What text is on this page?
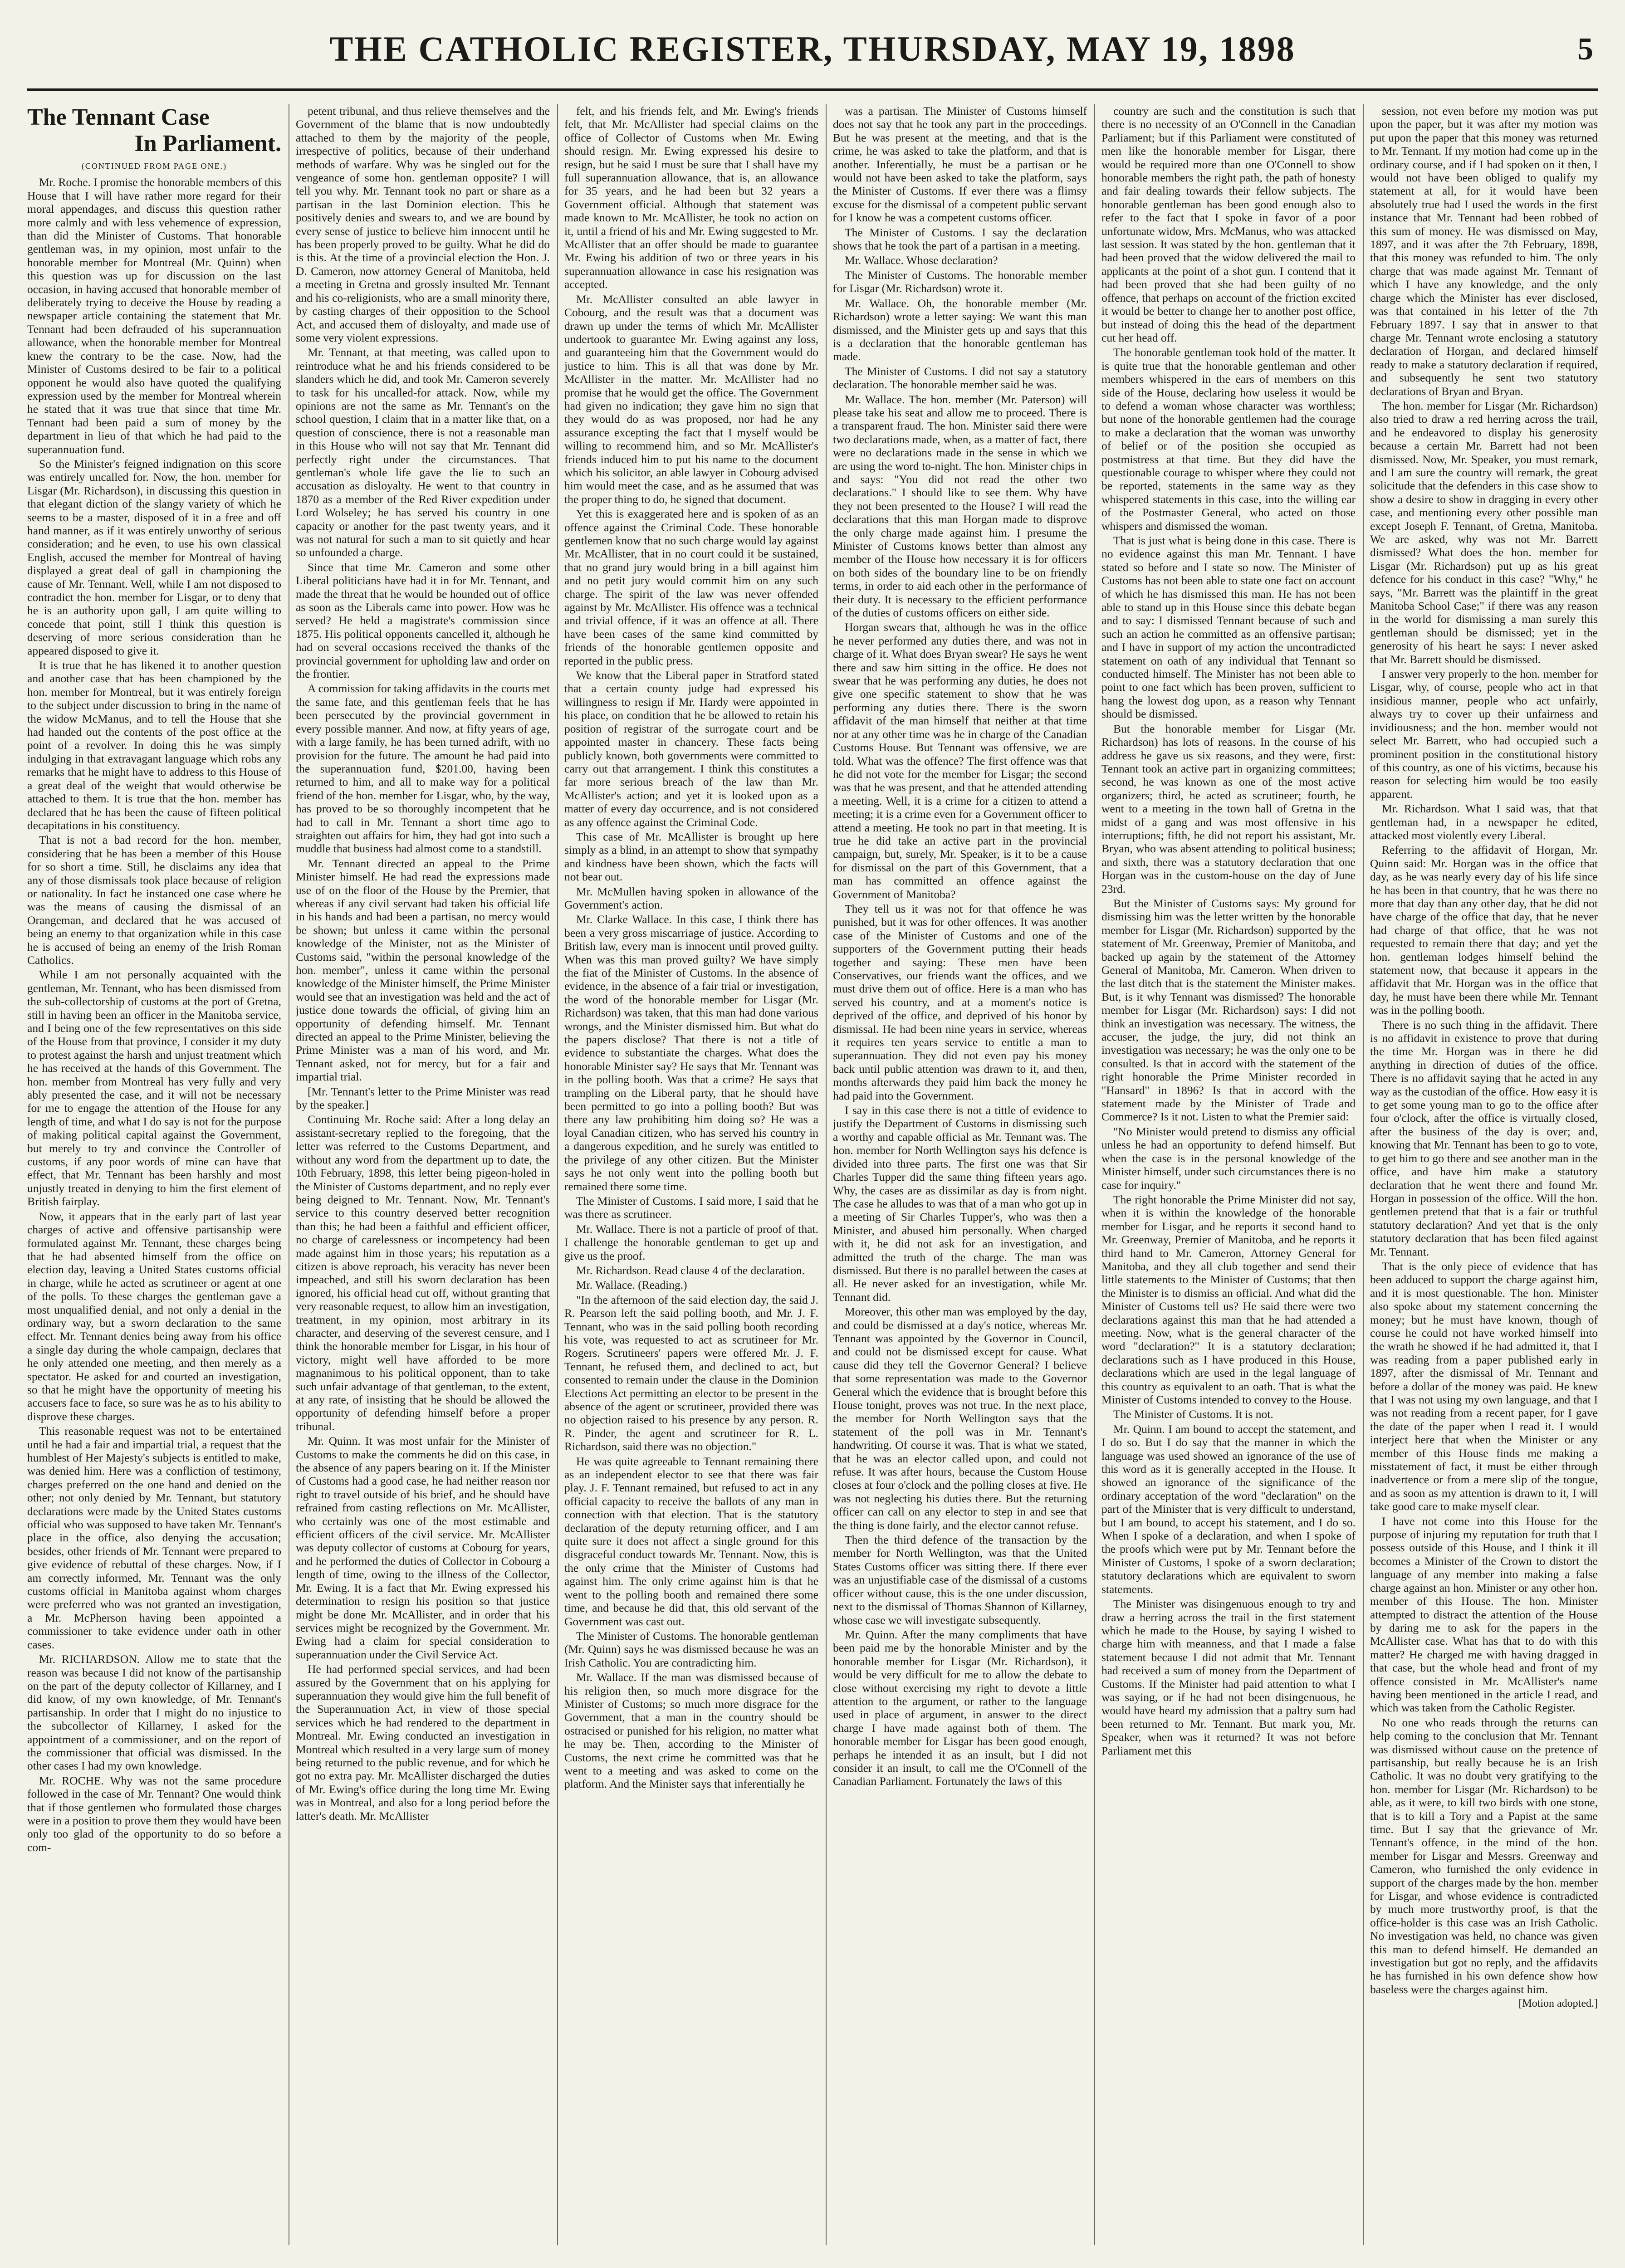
THE CATHOLIC REGISTER, THURSDAY, MAY 19, 1898	5
The Tennant Case
In Parliament.
(CONTINUED FROM PAGE ONE.)

Mr. Roche. I promise the honorable members of this House that I will have rather more regard for their moral appendages, and discuss this question rather more calmly and with less vehemence of expression, than did the Minister of Customs. That honorable gentleman was, in my opinion, most unfair to the honorable member for Montreal (Mr. Quinn) when this question was up for discussion on the last occasion, in having accused that honorable member of deliberately trying to deceive the House by reading a newspaper article containing the statement that Mr. Tennant had been defrauded of his superannuation allowance, when the honorable member for Montreal knew the contrary to be the case. Now, had the Minister of Customs desired to be fair to a political opponent he would also have quoted the qualifying expression used by the member for Montreal wherein he stated that it was true that since that time Mr. Tennant had been paid a sum of money by the department in lieu of that which he had paid to the superannuation fund.

So the Minister's feigned indignation on this score was entirely uncalled for. Now, the hon. member for Lisgar (Mr. Richardson), in discussing this question in that elegant diction of the slangy variety of which he seems to be a master, disposed of it in a free and off hand manner, as if it was entirely unworthy of serious consideration; and he even, to use his own classical English, accused the member for Montreal of having displayed a great deal of gall in championing the cause of Mr. Tennant. Well, while I am not disposed to contradict the hon. member for Lisgar, or to deny that he is an authority upon gall, I am quite willing to concede that point, still I think this question is deserving of more serious consideration than he appeared disposed to give it.

It is true that he has likened it to another question and another case that has been championed by the hon. member for Montreal, but it was entirely foreign to the subject under discussion to bring in the name of the widow McManus, and to tell the House that she had handed out the contents of the post office at the point of a revolver. In doing this he was simply indulging in that extravagant language which robs any remarks that he might have to address to this House of a great deal of the weight that would otherwise be attached to them. It is true that the hon. member has declared that he has been the cause of fifteen political decapitations in his constituency.

That is not a bad record for the hon. member, considering that he has been a member of this House for so short a time. Still, he disclaims any idea that any of those dismissals took place because of religion or nationality. In fact he instanced one case where he was the means of causing the dismissal of an Orangeman, and declared that he was accused of being an enemy to that organization while in this case he is accused of being an enemy of the Irish Roman Catholics.

While I am not personally acquainted with the gentleman, Mr. Tennant, who has been dismissed from the sub-collectorship of customs at the port of Gretna, still in having been an officer in the Manitoba service, and I being one of the few representatives on this side of the House from that province, I consider it my duty to protest against the harsh and unjust treatment which he has received at the hands of this Government. The hon. member from Montreal has very fully and very ably presented the case, and it will not be necessary for me to engage the attention of the House for any length of time, and what I do say is not for the purpose of making political capital against the Government, but merely to try and convince the Controller of customs, if any poor words of mine can have that effect, that Mr. Tennant has been harshly and most unjustly treated in denying to him the first element of British fairplay.

Now, it appears that in the early part of last year charges of active and offensive partisanship were formulated against Mr. Tennant, these charges being that he had absented himself from the office on election day, leaving a United States customs official in charge, while he acted as scrutineer or agent at one of the polls. To these charges the gentleman gave a most unqualified denial, and not only a denial in the ordinary way, but a sworn declaration to the same effect. Mr. Tennant denies being away from his office a single day during the whole campaign, declares that he only attended one meeting, and then merely as a spectator. He asked for and courted an investigation, so that he might have the opportunity of meeting his accusers face to face, so sure was he as to his ability to disprove these charges.

This reasonable request was not to be entertained until he had a fair and impartial trial, a request that the humblest of Her Majesty's subjects is entitled to make, was denied him. Here was a confliction of testimony, charges preferred on the one hand and denied on the other; not only denied by Mr. Tennant, but statutory declarations were made by the United States customs official who was supposed to have taken Mr. Tennant's place in the office, also denying the accusation; besides, other friends of Mr. Tennant were prepared to give evidence of rebuttal of these charges. Now, if I am correctly informed, Mr. Tennant was the only customs official in Manitoba against whom charges were preferred who was not granted an investigation, a Mr. McPherson having been appointed a commissioner to take evidence under oath in other cases.

Mr. RICHARDSON. Allow me to state that the reason was because I did not know of the partisanship on the part of the deputy collector of Killarney, and I did know, of my own knowledge, of Mr. Tennant's partisanship. In order that I might do no injustice to the subcollector of Killarney, I asked for the appointment of a commissioner, and on the report of the commissioner that official was dismissed. In the other cases I had my own knowledge.

Mr. ROCHE. Why was not the same procedure followed in the case of Mr. Tennant? One would think that if those gentlemen who formulated those charges were in a position to prove them they would have been only too glad of the opportunity to do so before a com-

petent tribunal, and thus relieve themselves and the Government of the blame that is now undoubtedly attached to them by the majority of the people, irrespective of politics, because of their underhand methods of warfare. Why was he singled out for the vengeance of some hon. gentleman opposite? I will tell you why. Mr. Tennant took no part or share as a partisan in the last Dominion election. This he positively denies and swears to, and we are bound by every sense of justice to believe him innocent until he has been properly proved to be guilty. What he did do is this. At the time of a provincial election the Hon. J. D. Cameron, now attorney General of Manitoba, held a meeting in Gretna and grossly insulted Mr. Tennant and his co-religionists, who are a small minority there, by casting charges of their opposition to the School Act, and accused them of disloyalty, and made use of some very violent expressions.

Mr. Tennant, at that meeting, was called upon to reintroduce what he and his friends considered to be slanders which he did, and took Mr. Cameron severely to task for his uncalled-for attack. Now, while my opinions are not the same as Mr. Tennant's on the school question, I claim that in a matter like that, on a question of conscience, there is not a reasonable man in this House who will not say that Mr. Tennant did perfectly right under the circumstances. That gentleman's whole life gave the lie to such an accusation as disloyalty. He went to that country in 1870 as a member of the Red River expedition under Lord Wolseley; he has served his country in one capacity or another for the past twenty years, and it was not natural for such a man to sit quietly and hear so unfounded a charge.

Since that time Mr. Cameron and some other Liberal politicians have had it in for Mr. Tennant, and made the threat that he would be hounded out of office as soon as the Liberals came into power. How was he served? He held a magistrate's commission since 1875. His political opponents cancelled it, although he had on several occasions received the thanks of the provincial government for upholding law and order on the frontier.

A commission for taking affidavits in the courts met the same fate, and this gentleman feels that he has been persecuted by the provincial government in every possible manner. And now, at fifty years of age, with a large family, he has been turned adrift, with no provision for the future. The amount he had paid into the superannuation fund, $201.00, having been returned to him, and all to make way for a political friend of the hon. member for Lisgar, who, by the way, has proved to be so thoroughly incompetent that he had to call in Mr. Tennant a short time ago to straighten out affairs for him, they had got into such a muddle that business had almost come to a standstill.

Mr. Tennant directed an appeal to the Prime Minister himself. He had read the expressions made use of on the floor of the House by the Premier, that whereas if any civil servant had taken his official life in his hands and had been a partisan, no mercy would be shown; but unless it came within the personal knowledge of the Minister, not as the Minister of Customs said, "within the personal knowledge of the hon. member", unless it came within the personal knowledge of the Minister himself, the Prime Minister would see that an investigation was held and the act of justice done towards the official, of giving him an opportunity of defending himself. Mr. Tennant directed an appeal to the Prime Minister, believing the Prime Minister was a man of his word, and Mr. Tennant asked, not for mercy, but for a fair and impartial trial.

[Mr. Tennant's letter to the Prime Minister was read by the speaker.]

Continuing Mr. Roche said: After a long delay an assistant-secretary replied to the foregoing, that the letter was referred to the Customs Department, and without any word from the department up to date, the 10th February, 1898, this letter being pigeon-holed in the Minister of Customs department, and no reply ever being deigned to Mr. Tennant. Now, Mr. Tennant's service to this country deserved better recognition than this; he had been a faithful and efficient officer, no charge of carelessness or incompetency had been made against him in those years; his reputation as a citizen is above reproach, his veracity has never been impeached, and still his sworn declaration has been ignored, his official head cut off, without granting that very reasonable request, to allow him an investigation, treatment, in my opinion, most arbitrary in its character, and deserving of the severest censure, and I think the honorable member for Lisgar, in his hour of victory, might well have afforded to be more magnanimous to his political opponent, than to take such unfair advantage of that gentleman, to the extent, at any rate, of insisting that he should be allowed the opportunity of defending himself before a proper tribunal.

Mr. Quinn. It was most unfair for the Minister of Customs to make the comments he did on this case, in the absence of any papers bearing on it. If the Minister of Customs had a good case, he had neither reason nor right to travel outside of his brief, and he should have refrained from casting reflections on Mr. McAllister, who certainly was one of the most estimable and efficient officers of the civil service. Mr. McAllister was deputy collector of customs at Cobourg for years, and he performed the duties of Collector in Cobourg a length of time, owing to the illness of the Collector, Mr. Ewing. It is a fact that Mr. Ewing expressed his determination to resign his position so that justice might be done Mr. McAllister, and in order that his services might be recognized by the Government. Mr. Ewing had a claim for special consideration to superannuation under the Civil Service Act.

He had performed special services, and had been assured by the Government that on his applying for superannuation they would give him the full benefit of the Superannuation Act, in view of those special services which he had rendered to the department in Montreal. Mr. Ewing conducted an investigation in Montreal which resulted in a very large sum of money being returned to the public revenue, and for which he got no extra pay. Mr. McAllister discharged the duties of Mr. Ewing's office during the long time Mr. Ewing was in Montreal, and also for a long period before the latter's death. Mr. McAllister

felt, and his friends felt, and Mr. Ewing's friends felt, that Mr. McAllister had special claims on the office of Collector of Customs when Mr. Ewing should resign. Mr. Ewing expressed his desire to resign, but he said I must be sure that I shall have my full superannuation allowance, that is, an allowance for 35 years, and he had been but 32 years a Government official. Although that statement was made known to Mr. McAllister, he took no action on it, until a friend of his and Mr. Ewing suggested to Mr. McAllister that an offer should be made to guarantee Mr. Ewing his addition of two or three years in his superannuation allowance in case his resignation was accepted.

Mr. McAllister consulted an able lawyer in Cobourg, and the result was that a document was drawn up under the terms of which Mr. McAllister undertook to guarantee Mr. Ewing against any loss, and guaranteeing him that the Government would do justice to him. This is all that was done by Mr. McAllister in the matter. Mr. McAllister had no promise that he would get the office. The Government had given no indication; they gave him no sign that they would do as was proposed, nor had he any assurance excepting the fact that I myself would be willing to recommend him, and so Mr. McAllister's friends induced him to put his name to the document which his solicitor, an able lawyer in Cobourg advised him would meet the case, and as he assumed that was the proper thing to do, he signed that document.

Yet this is exaggerated here and is spoken of as an offence against the Criminal Code. These honorable gentlemen know that no such charge would lay against Mr. McAllister, that in no court could it be sustained, that no grand jury would bring in a bill against him and no petit jury would commit him on any such charge. The spirit of the law was never offended against by Mr. McAllister. His offence was a technical and trivial offence, if it was an offence at all. There have been cases of the same kind committed by friends of the honorable gentlemen opposite and reported in the public press.

We know that the Liberal paper in Stratford stated that a certain county judge had expressed his willingness to resign if Mr. Hardy were appointed in his place, on condition that he be allowed to retain his position of registrar of the surrogate court and be appointed master in chancery. These facts being publicly known, both governments were committed to carry out that arrangement. I think this constitutes a far more serious breach of the law than Mr. McAllister's action; and yet it is looked upon as a matter of every day occurrence, and is not considered as any offence against the Criminal Code.

This case of Mr. McAllister is brought up here simply as a blind, in an attempt to show that sympathy and kindness have been shown, which the facts will not bear out.

Mr. McMullen having spoken in allowance of the Government's action.

Mr. Clarke Wallace. In this case, I think there has been a very gross miscarriage of justice. According to British law, every man is innocent until proved guilty. When was this man proved guilty? We have simply the fiat of the Minister of Customs. In the absence of evidence, in the absence of a fair trial or investigation, the word of the honorable member for Lisgar (Mr. Richardson) was taken, that this man had done various wrongs, and the Minister dismissed him. But what do the papers disclose? That there is not a title of evidence to substantiate the charges. What does the honorable Minister say? He says that Mr. Tennant was in the polling booth. Was that a crime? He says that trampling on the Liberal party, that he should have been permitted to go into a polling booth? But was there any law prohibiting him doing so? He was a loyal Canadian citizen, who has served his country in a dangerous expedition, and he surely was entitled to the privilege of any other citizen. But the Minister says he not only went into the polling booth but remained there some time.

The Minister of Customs. I said more, I said that he was there as scrutineer.

Mr. Wallace. There is not a particle of proof of that. I challenge the honorable gentleman to get up and give us the proof.

Mr. Richardson. Read clause 4 of the declaration.

Mr. Wallace. (Reading.)

"In the afternoon of the said election day, the said J. R. Pearson left the said polling booth, and Mr. J. F. Tennant, who was in the said polling booth recording his vote, was requested to act as scrutineer for Mr. Rogers. Scrutineers' papers were offered Mr. J. F. Tennant, he refused them, and declined to act, but consented to remain under the clause in the Dominion Elections Act permitting an elector to be present in the absence of the agent or scrutineer, provided there was no objection raised to his presence by any person. R. R. Pinder, the agent and scrutineer for R. L. Richardson, said there was no objection."

He was quite agreeable to Tennant remaining there as an independent elector to see that there was fair play. J. F. Tennant remained, but refused to act in any official capacity to receive the ballots of any man in connection with that election. That is the statutory declaration of the deputy returning officer, and I am quite sure it does not affect a single ground for this disgraceful conduct towards Mr. Tennant. Now, this is the only crime that the Minister of Customs had against him. The only crime against him is that he went to the polling booth and remained there some time, and because he did that, this old servant of the Government was cast out.

The Minister of Customs. The honorable gentleman (Mr. Quinn) says he was dismissed because he was an Irish Catholic. You are contradicting him.

Mr. Wallace. If the man was dismissed because of his religion then, so much more disgrace for the Minister of Customs; so much more disgrace for the Government, that a man in the country should be ostracised or punished for his religion, no matter what he may be. Then, according to the Minister of Customs, the next crime he committed was that he went to a meeting and was asked to come on the platform. And the Minister says that inferentially he

was a partisan. The Minister of Customs himself does not say that he took any part in the proceedings. But he was present at the meeting, and that is the crime, he was asked to take the platform, and that is another. Inferentially, he must be a partisan or he would not have been asked to take the platform, says the Minister of Customs. If ever there was a flimsy excuse for the dismissal of a competent public servant for I know he was a competent customs officer.

The Minister of Customs. I say the declaration shows that he took the part of a partisan in a meeting.

Mr. Wallace. Whose declaration?

The Minister of Customs. The honorable member for Lisgar (Mr. Richardson) wrote it.

Mr. Wallace. Oh, the honorable member (Mr. Richardson) wrote a letter saying: We want this man dismissed, and the Minister gets up and says that this is a declaration that the honorable gentleman has made.

The Minister of Customs. I did not say a statutory declaration. The honorable member said he was.

Mr. Wallace. The hon. member (Mr. Paterson) will please take his seat and allow me to proceed. There is a transparent fraud. The hon. Minister said there were two declarations made, when, as a matter of fact, there were no declarations made in the sense in which we are using the word to-night. The hon. Minister chips in and says: "You did not read the other two declarations." I should like to see them. Why have they not been presented to the House? I will read the declarations that this man Horgan made to disprove the only charge made against him. I presume the Minister of Customs knows better than almost any member of the House how necessary it is for officers on both sides of the boundary line to be on friendly terms, in order to aid each other in the performance of their duty. It is necessary to the efficient performance of the duties of customs officers on either side.

Horgan swears that, although he was in the office he never performed any duties there, and was not in charge of it. What does Bryan swear? He says he went there and saw him sitting in the office. He does not swear that he was performing any duties, he does not give one specific statement to show that he was performing any duties there. There is the sworn affidavit of the man himself that neither at that time nor at any other time was he in charge of the Canadian Customs House. But Tennant was offensive, we are told. What was the offence? The first offence was that he did not vote for the member for Lisgar; the second was that he was present, and that he attended attending a meeting. Well, it is a crime for a citizen to attend a meeting; it is a crime even for a Government officer to attend a meeting. He took no part in that meeting. It is true he did take an active part in the provincial campaign, but, surely, Mr. Speaker, is it to be a cause for dismissal on the part of this Government, that a man has committed an offence against the Government of Manitoba?

They tell us it was not for that offence he was punished, but it was for other offences. It was another case of the Minister of Customs and one of the supporters of the Government putting their heads together and saying: These men have been Conservatives, our friends want the offices, and we must drive them out of office. Here is a man who has served his country, and at a moment's notice is deprived of the office, and deprived of his honor by dismissal. He had been nine years in service, whereas it requires ten years service to entitle a man to superannuation. They did not even pay his money back until public attention was drawn to it, and then, months afterwards they paid him back the money he had paid into the Government.

I say in this case there is not a tittle of evidence to justify the Department of Customs in dismissing such a worthy and capable official as Mr. Tennant was. The hon. member for North Wellington says his defence is divided into three parts. The first one was that Sir Charles Tupper did the same thing fifteen years ago. Why, the cases are as dissimilar as day is from night. The case he alludes to was that of a man who got up in a meeting of Sir Charles Tupper's, who was then a Minister, and abused him personally. When charged with it, he did not ask for an investigation, and admitted the truth of the charge. The man was dismissed. But there is no parallel between the cases at all. He never asked for an investigation, while Mr. Tennant did.

Moreover, this other man was employed by the day, and could be dismissed at a day's notice, whereas Mr. Tennant was appointed by the Governor in Council, and could not be dismissed except for cause. What cause did they tell the Governor General? I believe that some representation was made to the Governor General which the evidence that is brought before this House tonight, proves was not true. In the next place, the member for North Wellington says that the statement of the poll was in Mr. Tennant's handwriting. Of course it was. That is what we stated, that he was an elector called upon, and could not refuse. It was after hours, because the Custom House closes at four o'clock and the polling closes at five. He was not neglecting his duties there. But the returning officer can call on any elector to step in and see that the thing is done fairly, and the elector cannot refuse.

Then the third defence of the transaction by the member for North Wellington, was that the United States Customs officer was sitting there. If there ever was an unjustifiable case of the dismissal of a customs officer without cause, this is the one under discussion, next to the dismissal of Thomas Shannon of Killarney, whose case we will investigate subsequently.

Mr. Quinn. After the many compliments that have been paid me by the honorable Minister and by the honorable member for Lisgar (Mr. Richardson), it would be very difficult for me to allow the debate to close without exercising my right to devote a little attention to the argument, or rather to the language used in place of argument, in answer to the direct charge I have made against both of them. The honorable member for Lisgar has been good enough, perhaps he intended it as an insult, but I did not consider it an insult, to call me the O'Connell of the Canadian Parliament. Fortunately the laws of this

country are such and the constitution is such that there is no necessity of an O'Connell in the Canadian Parliament; but if this Parliament were constituted of men like the honorable member for Lisgar, there would be required more than one O'Connell to show honorable members the right path, the path of honesty and fair dealing towards their fellow subjects. The honorable gentleman has been good enough also to refer to the fact that I spoke in favor of a poor unfortunate widow, Mrs. McManus, who was attacked last session. It was stated by the hon. gentleman that it had been proved that the widow delivered the mail to applicants at the point of a shot gun. I contend that it had been proved that she had been guilty of no offence, that perhaps on account of the friction excited it would be better to change her to another post office, but instead of doing this the head of the department cut her head off.

The honorable gentleman took hold of the matter. It is quite true that the honorable gentleman and other members whispered in the ears of members on this side of the House, declaring how useless it would be to defend a woman whose character was worthless; but none of the honorable gentlemen had the courage to make a declaration that the woman was unworthy of belief or of the position she occupied as postmistress at that time. But they did have the questionable courage to whisper where they could not be reported, statements in the same way as they whispered statements in this case, into the willing ear of the Postmaster General, who acted on those whispers and dismissed the woman.

That is just what is being done in this case. There is no evidence against this man Mr. Tennant. I have stated so before and I state so now. The Minister of Customs has not been able to state one fact on account of which he has dismissed this man. He has not been able to stand up in this House since this debate began and to say: I dismissed Tennant because of such and such an action he committed as an offensive partisan; and I have in support of my action the uncontradicted statement on oath of any individual that Tennant so conducted himself. The Minister has not been able to point to one fact which has been proven, sufficient to hang the lowest dog upon, as a reason why Tennant should be dismissed.

But the honorable member for Lisgar (Mr. Richardson) has lots of reasons. In the course of his address he gave us six reasons, and they were, first: Tennant took an active part in organizing committees; second, he was known as one of the most active organizers; third, he acted as scrutineer; fourth, he went to a meeting in the town hall of Gretna in the midst of a gang and was most offensive in his interruptions; fifth, he did not report his assistant, Mr. Bryan, who was absent attending to political business; and sixth, there was a statutory declaration that one Horgan was in the custom-house on the day of June 23rd.

But the Minister of Customs says: My ground for dismissing him was the letter written by the honorable member for Lisgar (Mr. Richardson) supported by the statement of Mr. Greenway, Premier of Manitoba, and backed up again by the statement of the Attorney General of Manitoba, Mr. Cameron. When driven to the last ditch that is the statement the Minister makes. But, is it why Tennant was dismissed? The honorable member for Lisgar (Mr. Richardson) says: I did not think an investigation was necessary. The witness, the accuser, the judge, the jury, did not think an investigation was necessary; he was the only one to be consulted. Is that in accord with the statement of the right honorable the Prime Minister recorded in "Hansard" in 1896? Is that in accord with the statement made by the Minister of Trade and Commerce? Is it not. Listen to what the Premier said:

"No Minister would pretend to dismiss any official unless he had an opportunity to defend himself. But when the case is in the personal knowledge of the Minister himself, under such circumstances there is no case for inquiry."

The right honorable the Prime Minister did not say, when it is within the knowledge of the honorable member for Lisgar, and he reports it second hand to Mr. Greenway, Premier of Manitoba, and he reports it third hand to Mr. Cameron, Attorney General for Manitoba, and they all club together and send their little statements to the Minister of Customs; that then the Minister is to dismiss an official. And what did the Minister of Customs tell us? He said there were two declarations against this man that he had attended a meeting. Now, what is the general character of the word "declaration?" It is a statutory declaration; declarations such as I have produced in this House, declarations which are used in the legal language of this country as equivalent to an oath. That is what the Minister of Customs intended to convey to the House.

The Minister of Customs. It is not.

Mr. Quinn. I am bound to accept the statement, and I do so. But I do say that the manner in which the language was used showed an ignorance of the use of this word as it is generally accepted in the House. It showed an ignorance of the significance of the ordinary acceptation of the word "declaration" on the part of the Minister that is very difficult to understand, but I am bound, to accept his statement, and I do so. When I spoke of a declaration, and when I spoke of the proofs which were put by Mr. Tennant before the Minister of Customs, I spoke of a sworn declaration; statutory declarations which are equivalent to sworn statements.

The Minister was disingenuous enough to try and draw a herring across the trail in the first statement which he made to the House, by saying I wished to charge him with meanness, and that I made a false statement because I did not admit that Mr. Tennant had received a sum of money from the Department of Customs. If the Minister had paid attention to what I was saying, or if he had not been disingenuous, he would have heard my admission that a paltry sum had been returned to Mr. Tennant. But mark you, Mr. Speaker, when was it returned? It was not before Parliament met this

session, not even before my motion was put upon the paper, but it was after my motion was put upon the paper that this money was returned to Mr. Tennant. If my motion had come up in the ordinary course, and if I had spoken on it then, I would not have been obliged to qualify my statement at all, for it would have been absolutely true had I used the words in the first instance that Mr. Tennant had been robbed of this sum of money. He was dismissed on May, 1897, and it was after the 7th February, 1898, that this money was refunded to him. The only charge that was made against Mr. Tennant of which I have any knowledge, and the only charge which the Minister has ever disclosed, was that contained in his letter of the 7th February 1897. I say that in answer to that charge Mr. Tennant wrote enclosing a statutory declaration of Horgan, and declared himself ready to make a statutory declaration if required, and subsequently he sent two statutory declarations of Bryan and Bryan.

The hon. member for Lisgar (Mr. Richardson) also tried to draw a red herring across the trail, and he endeavored to display his generosity because a certain Mr. Barrett had not been dismissed. Now, Mr. Speaker, you must remark, and I am sure the country will remark, the great solicitude that the defenders in this case show to show a desire to show in dragging in every other case, and mentioning every other possible man except Joseph F. Tennant, of Gretna, Manitoba. We are asked, why was not Mr. Barrett dismissed? What does the hon. member for Lisgar (Mr. Richardson) put up as his great defence for his conduct in this case? "Why," he says, "Mr. Barrett was the plaintiff in the great Manitoba School Case;" if there was any reason in the world for dismissing a man surely this gentleman should be dismissed; yet in the generosity of his heart he says: I never asked that Mr. Barrett should be dismissed.

I answer very properly to the hon. member for Lisgar, why, of course, people who act in that insidious manner, people who act unfairly, always try to cover up their unfairness and invidiousness; and the hon. member would not select Mr. Barrett, who had occupied such a prominent position in the constitutional history of this country, as one of his victims, because his reason for selecting him would be too easily apparent.

Mr. Richardson. What I said was, that that gentleman had, in a newspaper he edited, attacked most violently every Liberal.

Referring to the affidavit of Horgan, Mr. Quinn said: Mr. Horgan was in the office that day, as he was nearly every day of his life since he has been in that country, that he was there no more that day than any other day, that he did not have charge of the office that day, that he never had charge of that office, that he was not requested to remain there that day; and yet the hon. gentleman lodges himself behind the statement now, that because it appears in the affidavit that Mr. Horgan was in the office that day, he must have been there while Mr. Tennant was in the polling booth.

There is no such thing in the affidavit. There is no affidavit in existence to prove that during the time Mr. Horgan was in there he did anything in direction of duties of the office. There is no affidavit saying that he acted in any way as the custodian of the office. How easy it is to get some young man to go to the office after four o'clock, after the office is virtually closed, after the business of the day is over; and, knowing that Mr. Tennant has been to go to vote, to get him to go there and see another man in the office, and have him make a statutory declaration that he went there and found Mr. Horgan in possession of the office. Will the hon. gentlemen pretend that that is a fair or truthful statutory declaration? And yet that is the only statutory declaration that has been filed against Mr. Tennant.

That is the only piece of evidence that has been adduced to support the charge against him, and it is most questionable. The hon. Minister also spoke about my statement concerning the money; but he must have known, though of course he could not have worked himself into the wrath he showed if he had admitted it, that I was reading from a paper published early in 1897, after the dismissal of Mr. Tennant and before a dollar of the money was paid. He knew that I was not using my own language, and that I was not reading from a recent paper, for I gave the date of the paper when I read it. I would interject here that when the Minister or any member of this House finds me making a misstatement of fact, it must be either through inadvertence or from a mere slip of the tongue, and as soon as my attention is drawn to it, I will take good care to make myself clear.

I have not come into this House for the purpose of injuring my reputation for truth that I possess outside of this House, and I think it ill becomes a Minister of the Crown to distort the language of any member into making a false charge against an hon. Minister or any other hon. member of this House. The hon. Minister attempted to distract the attention of the House by daring me to ask for the papers in the McAllister case. What has that to do with this matter? He charged me with having dragged in that case, but the whole head and front of my offence consisted in Mr. McAllister's name having been mentioned in the article I read, and which was taken from the Catholic Register.

No one who reads through the returns can help coming to the conclusion that Mr. Tennant was dismissed without cause on the pretence of partisanship, but really because he is an Irish Catholic. It was no doubt very gratifying to the hon. member for Lisgar (Mr. Richardson) to be able, as it were, to kill two birds with one stone, that is to kill a Tory and a Papist at the same time. But I say that the grievance of Mr. Tennant's offence, in the mind of the hon. member for Lisgar and Messrs. Greenway and Cameron, who furnished the only evidence in support of the charges made by the hon. member for Lisgar, and whose evidence is contradicted by much more trustworthy proof, is that the office-holder is this case was an Irish Catholic. No investigation was held, no chance was given this man to defend himself. He demanded an investigation but got no reply, and the affidavits he has furnished in his own defence show how baseless were the charges against him.

[Motion adopted.]
